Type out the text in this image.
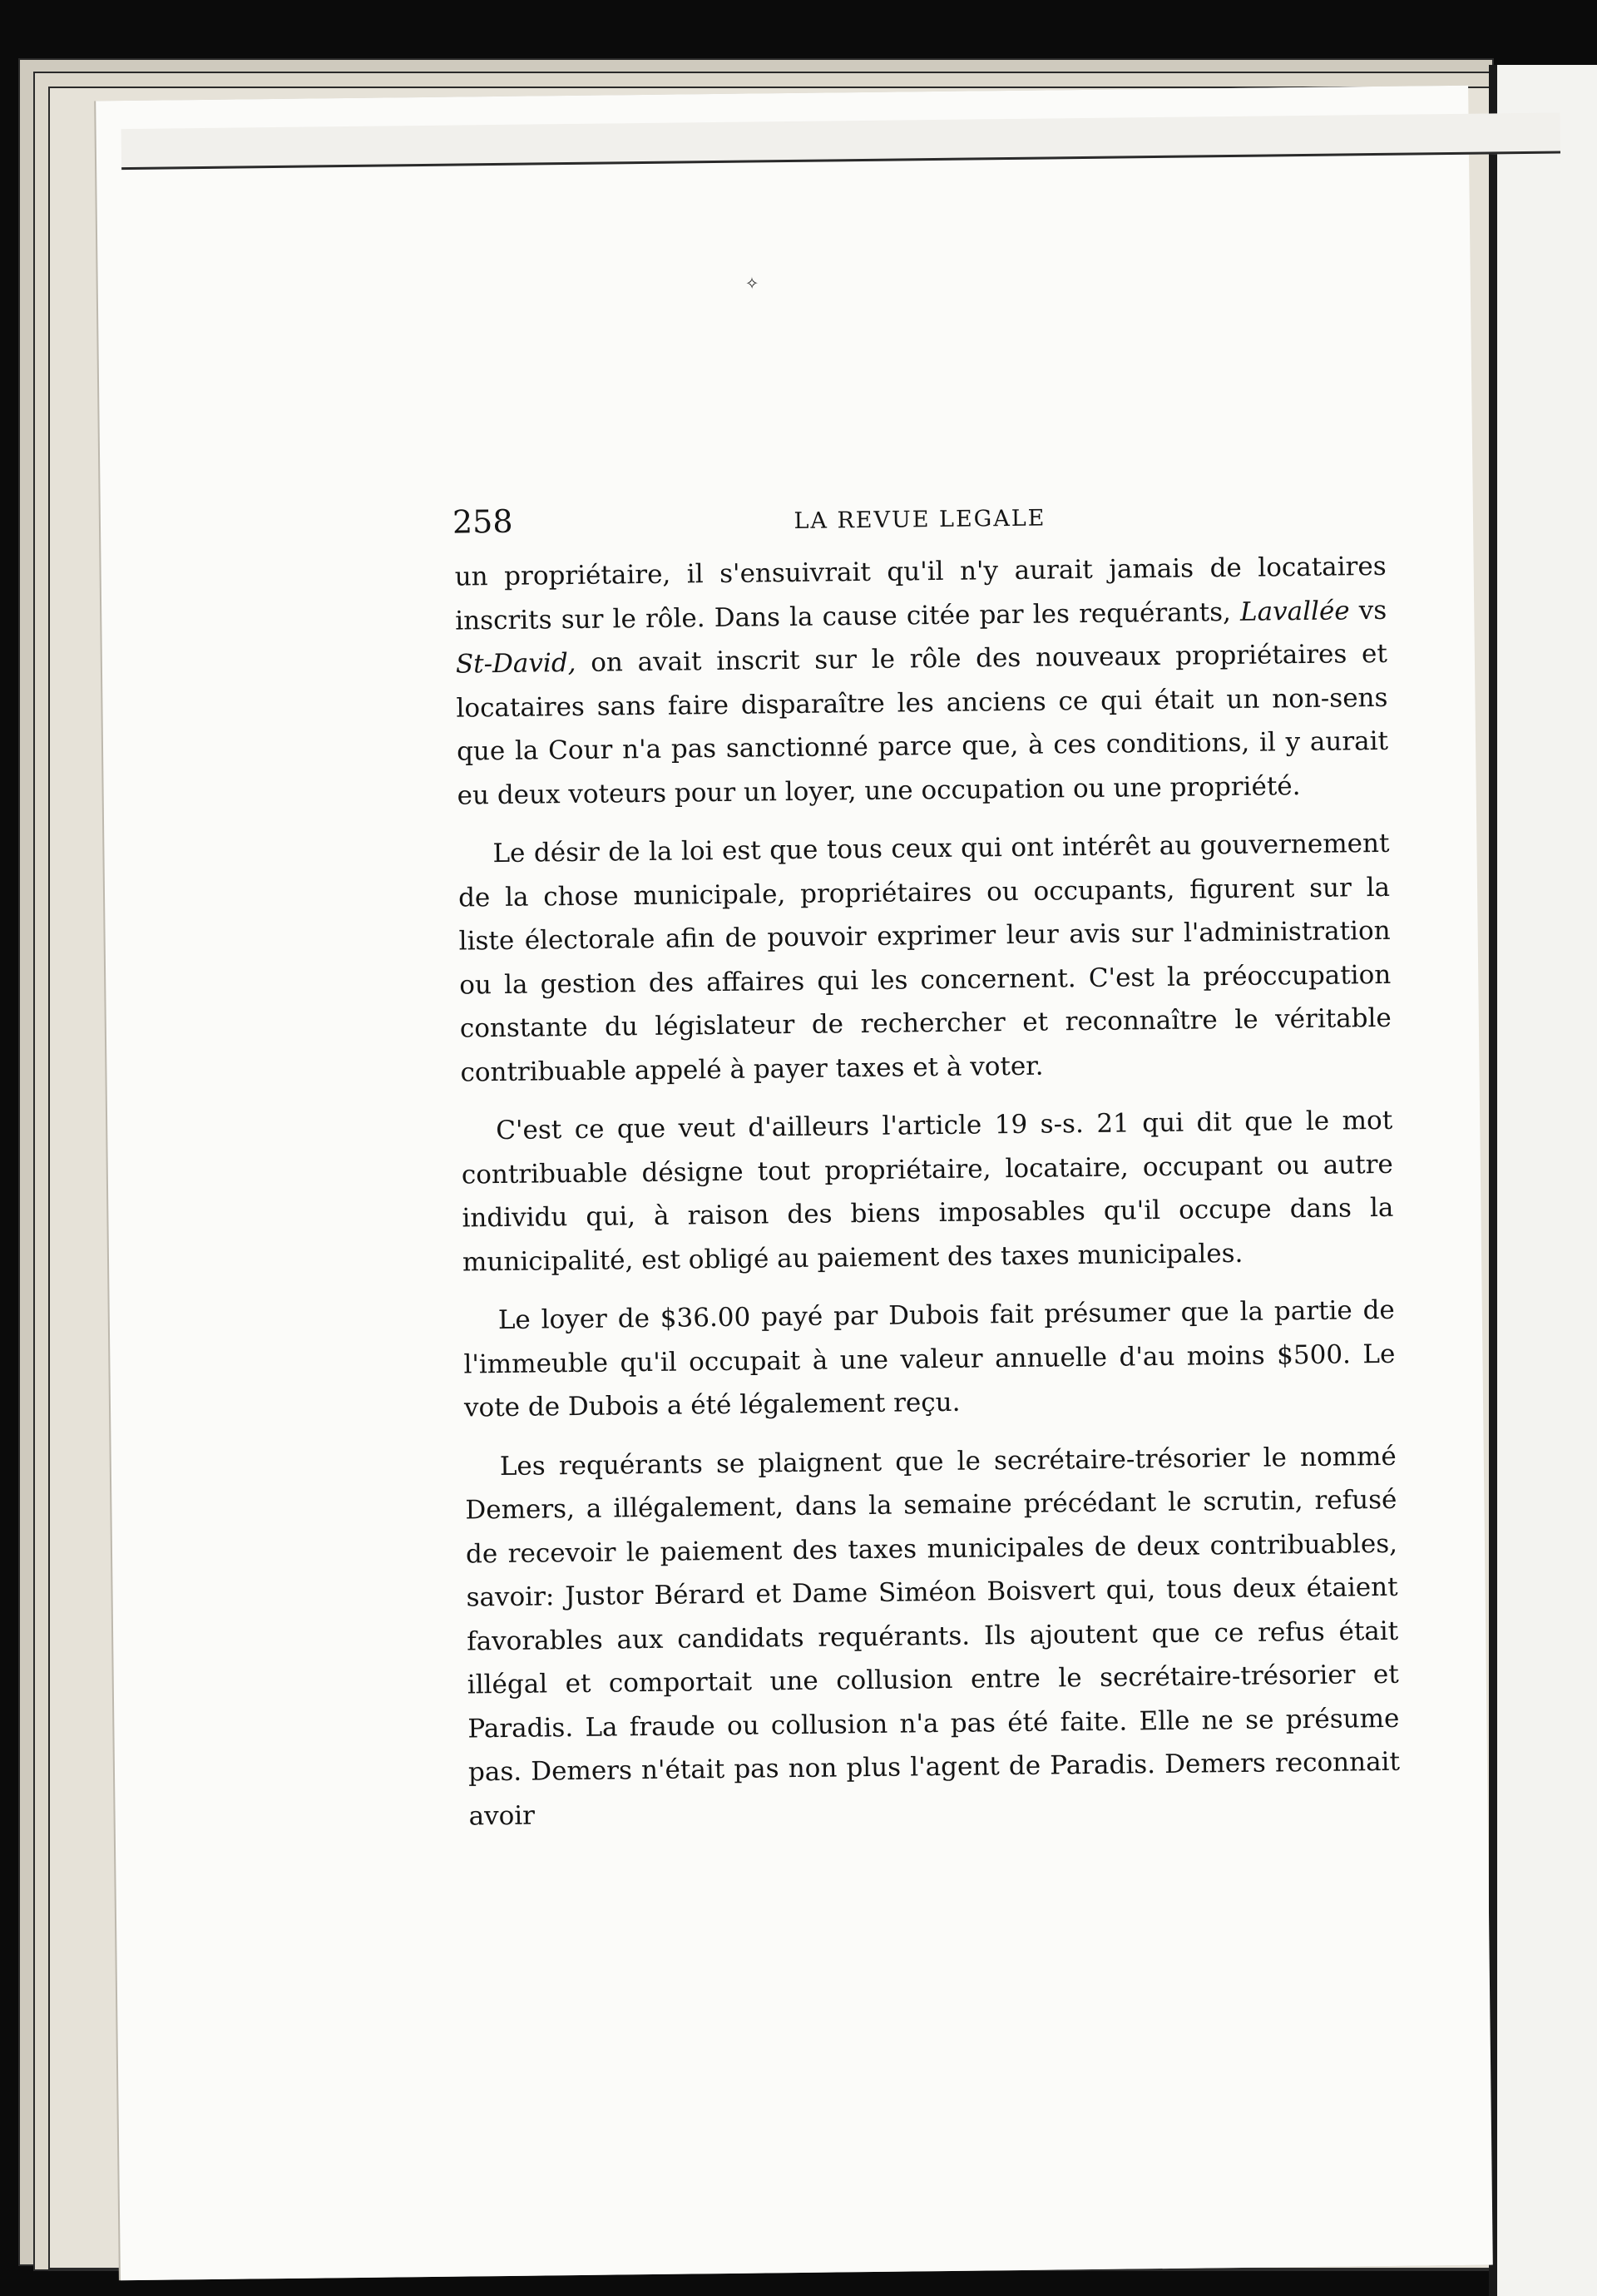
✧
258	LA REVUE LEGALE

un propriétaire, il s'ensuivrait qu'il n'y aurait jamais de locataires inscrits sur le rôle. Dans la cause citée par les requérants, Lavallée vs St-David, on avait inscrit sur le rôle des nouveaux propriétaires et locataires sans faire disparaître les anciens ce qui était un non-sens que la Cour n'a pas sanctionné parce que, à ces conditions, il y aurait eu deux voteurs pour un loyer, une occupation ou une propriété.

Le désir de la loi est que tous ceux qui ont intérêt au gouvernement de la chose municipale, propriétaires ou occupants, figurent sur la liste électorale afin de pouvoir exprimer leur avis sur l'administration ou la gestion des affaires qui les concernent. C'est la préoccupation constante du législateur de rechercher et reconnaître le véritable contribuable appelé à payer taxes et à voter.

C'est ce que veut d'ailleurs l'article 19 s-s. 21 qui dit que le mot contribuable désigne tout propriétaire, locataire, occupant ou autre individu qui, à raison des biens imposables qu'il occupe dans la municipalité, est obligé au paiement des taxes municipales.

Le loyer de $36.00 payé par Dubois fait présumer que la partie de l'immeuble qu'il occupait à une valeur annuelle d'au moins $500. Le vote de Dubois a été légalement reçu.

Les requérants se plaignent que le secrétaire-trésorier le nommé Demers, a illégalement, dans la semaine précédant le scrutin, refusé de recevoir le paiement des taxes municipales de deux contribuables, savoir: Justor Bérard et Dame Siméon Boisvert qui, tous deux étaient favorables aux candidats requérants. Ils ajoutent que ce refus était illégal et comportait une collusion entre le secrétaire-trésorier et Paradis. La fraude ou collusion n'a pas été faite. Elle ne se présume pas. Demers n'était pas non plus l'agent de Paradis. Demers reconnait avoir
